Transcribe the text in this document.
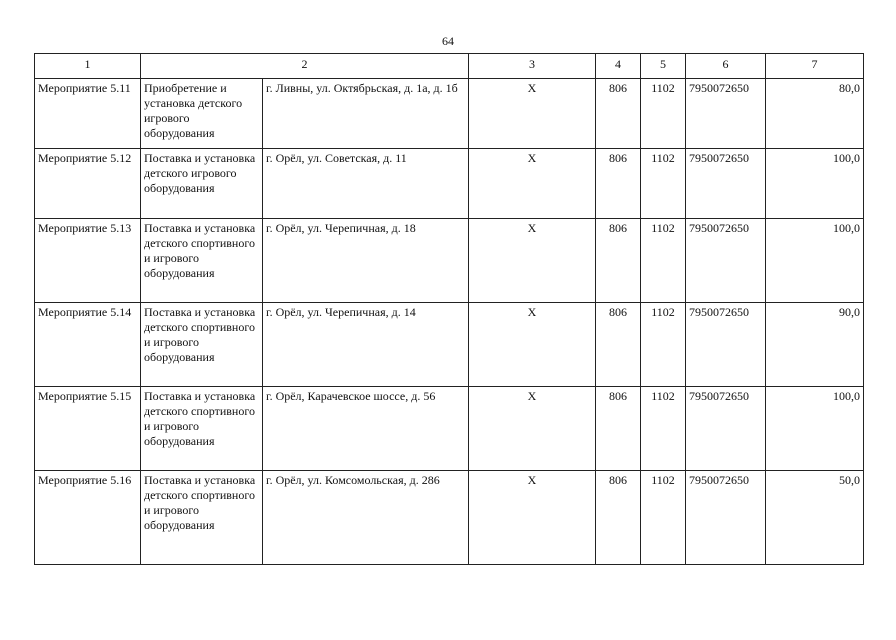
64
1	2		3	4	5	6	7
Мероприятие 5.11	Приобретение и установка детского игрового оборудования	г. Ливны, ул. Октябрьская, д. 1а, д. 1б	Х	806	1102	7950072650	80,0
Мероприятие 5.12	Поставка и установка детского игрового оборудования	г. Орёл, ул. Советская, д. 11	Х	806	1102	7950072650	100,0
Мероприятие 5.13	Поставка и установка детского спортивного и игрового оборудования	г. Орёл, ул. Черепичная, д. 18	Х	806	1102	7950072650	100,0
Мероприятие 5.14	Поставка и установка детского спортивного и игрового оборудования	г. Орёл, ул. Черепичная, д. 14	Х	806	1102	7950072650	90,0
Мероприятие 5.15	Поставка и установка детского спортивного и игрового оборудования	г. Орёл, Карачевское шоссе, д. 56	Х	806	1102	7950072650	100,0
Мероприятие 5.16	Поставка и установка детского спортивного и игрового оборудования	г. Орёл, ул. Комсомольская, д. 286	Х	806	1102	7950072650	50,0
